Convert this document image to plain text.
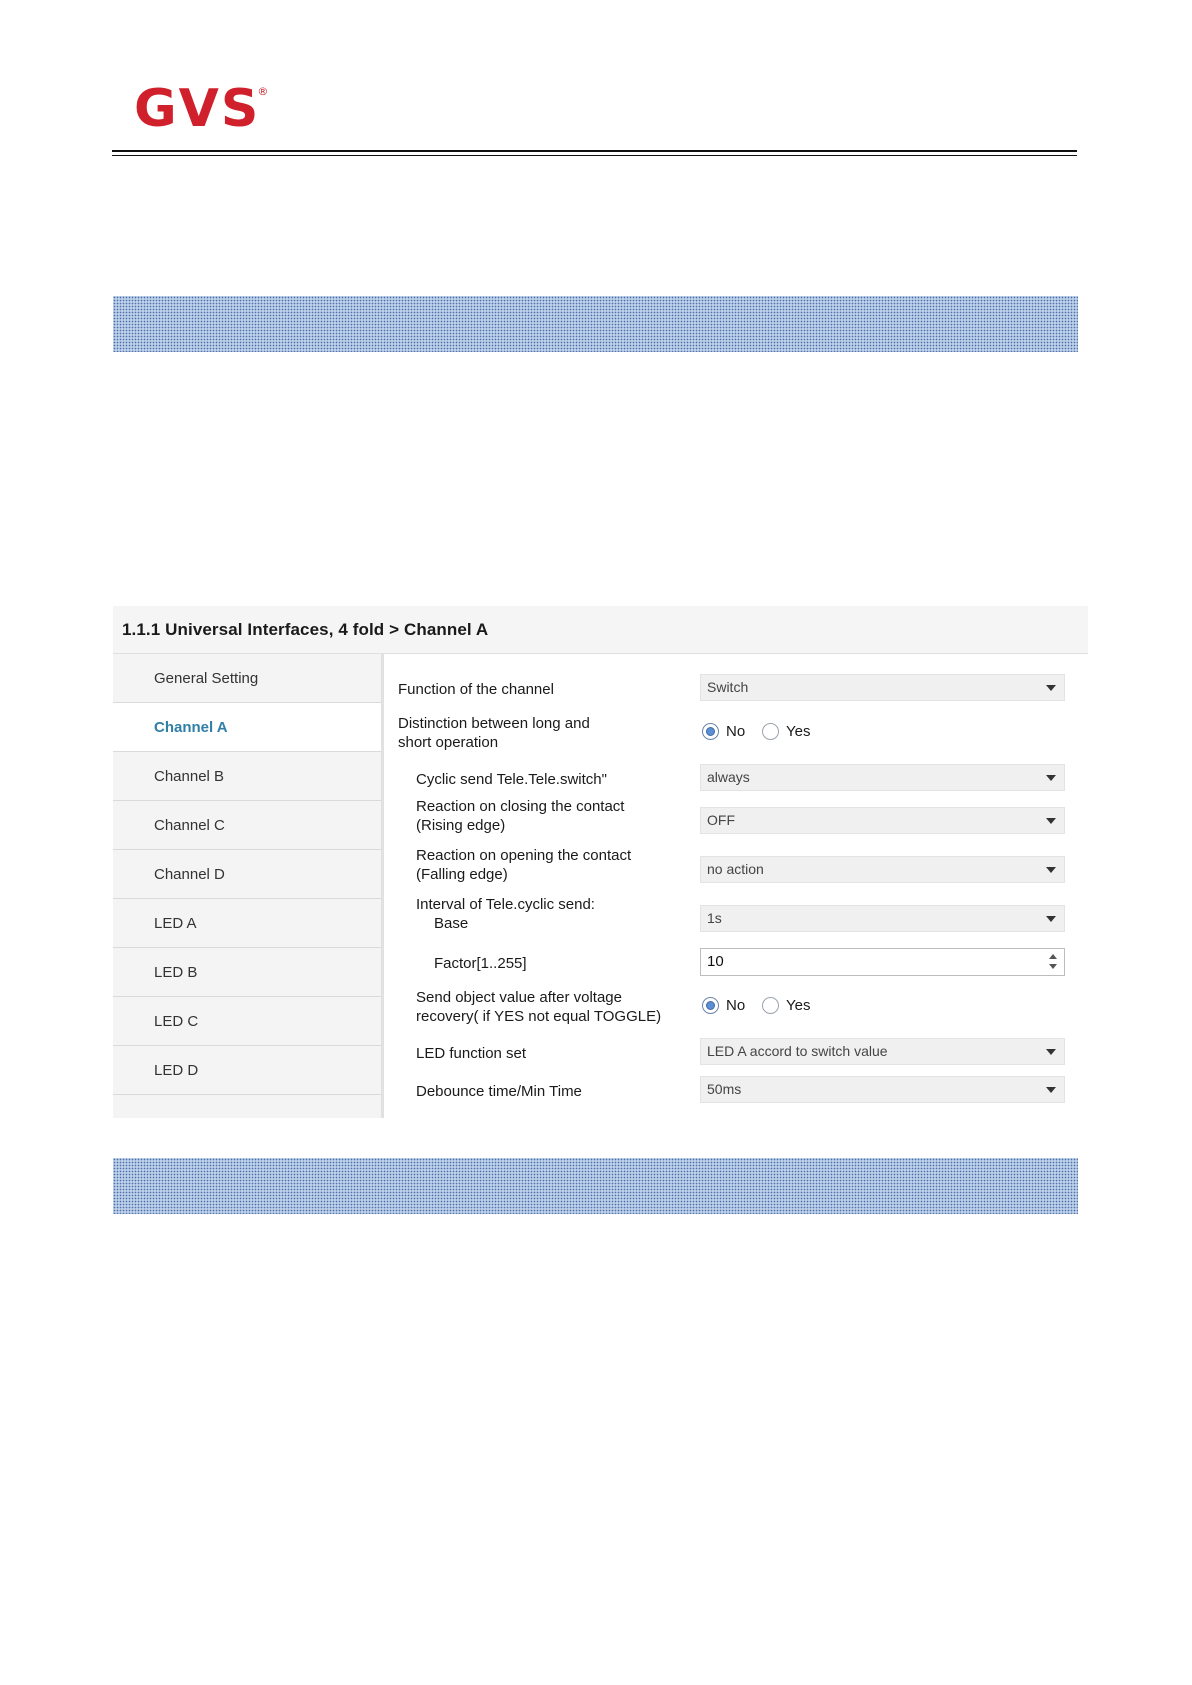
GVS
®
1.1.1 Universal Interfaces, 4 fold > Channel A
General Setting
Channel A
Channel B
Channel C
Channel D
LED A
LED B
LED C
LED D
Function of the channel	Switch
Distinction between long and
short operation
No	Yes
Cyclic send Tele.Tele.switch"	always
Reaction on closing the contact
(Rising edge)	OFF
Reaction on opening the contact
(Falling edge)	no action
Interval of Tele.cyclic send:
Base	1s
Factor[1..255]	10
Send object value after voltage
recovery( if YES not equal TOGGLE)
No	Yes
LED function set	LED A accord to switch value
Debounce time/Min Time	50ms
